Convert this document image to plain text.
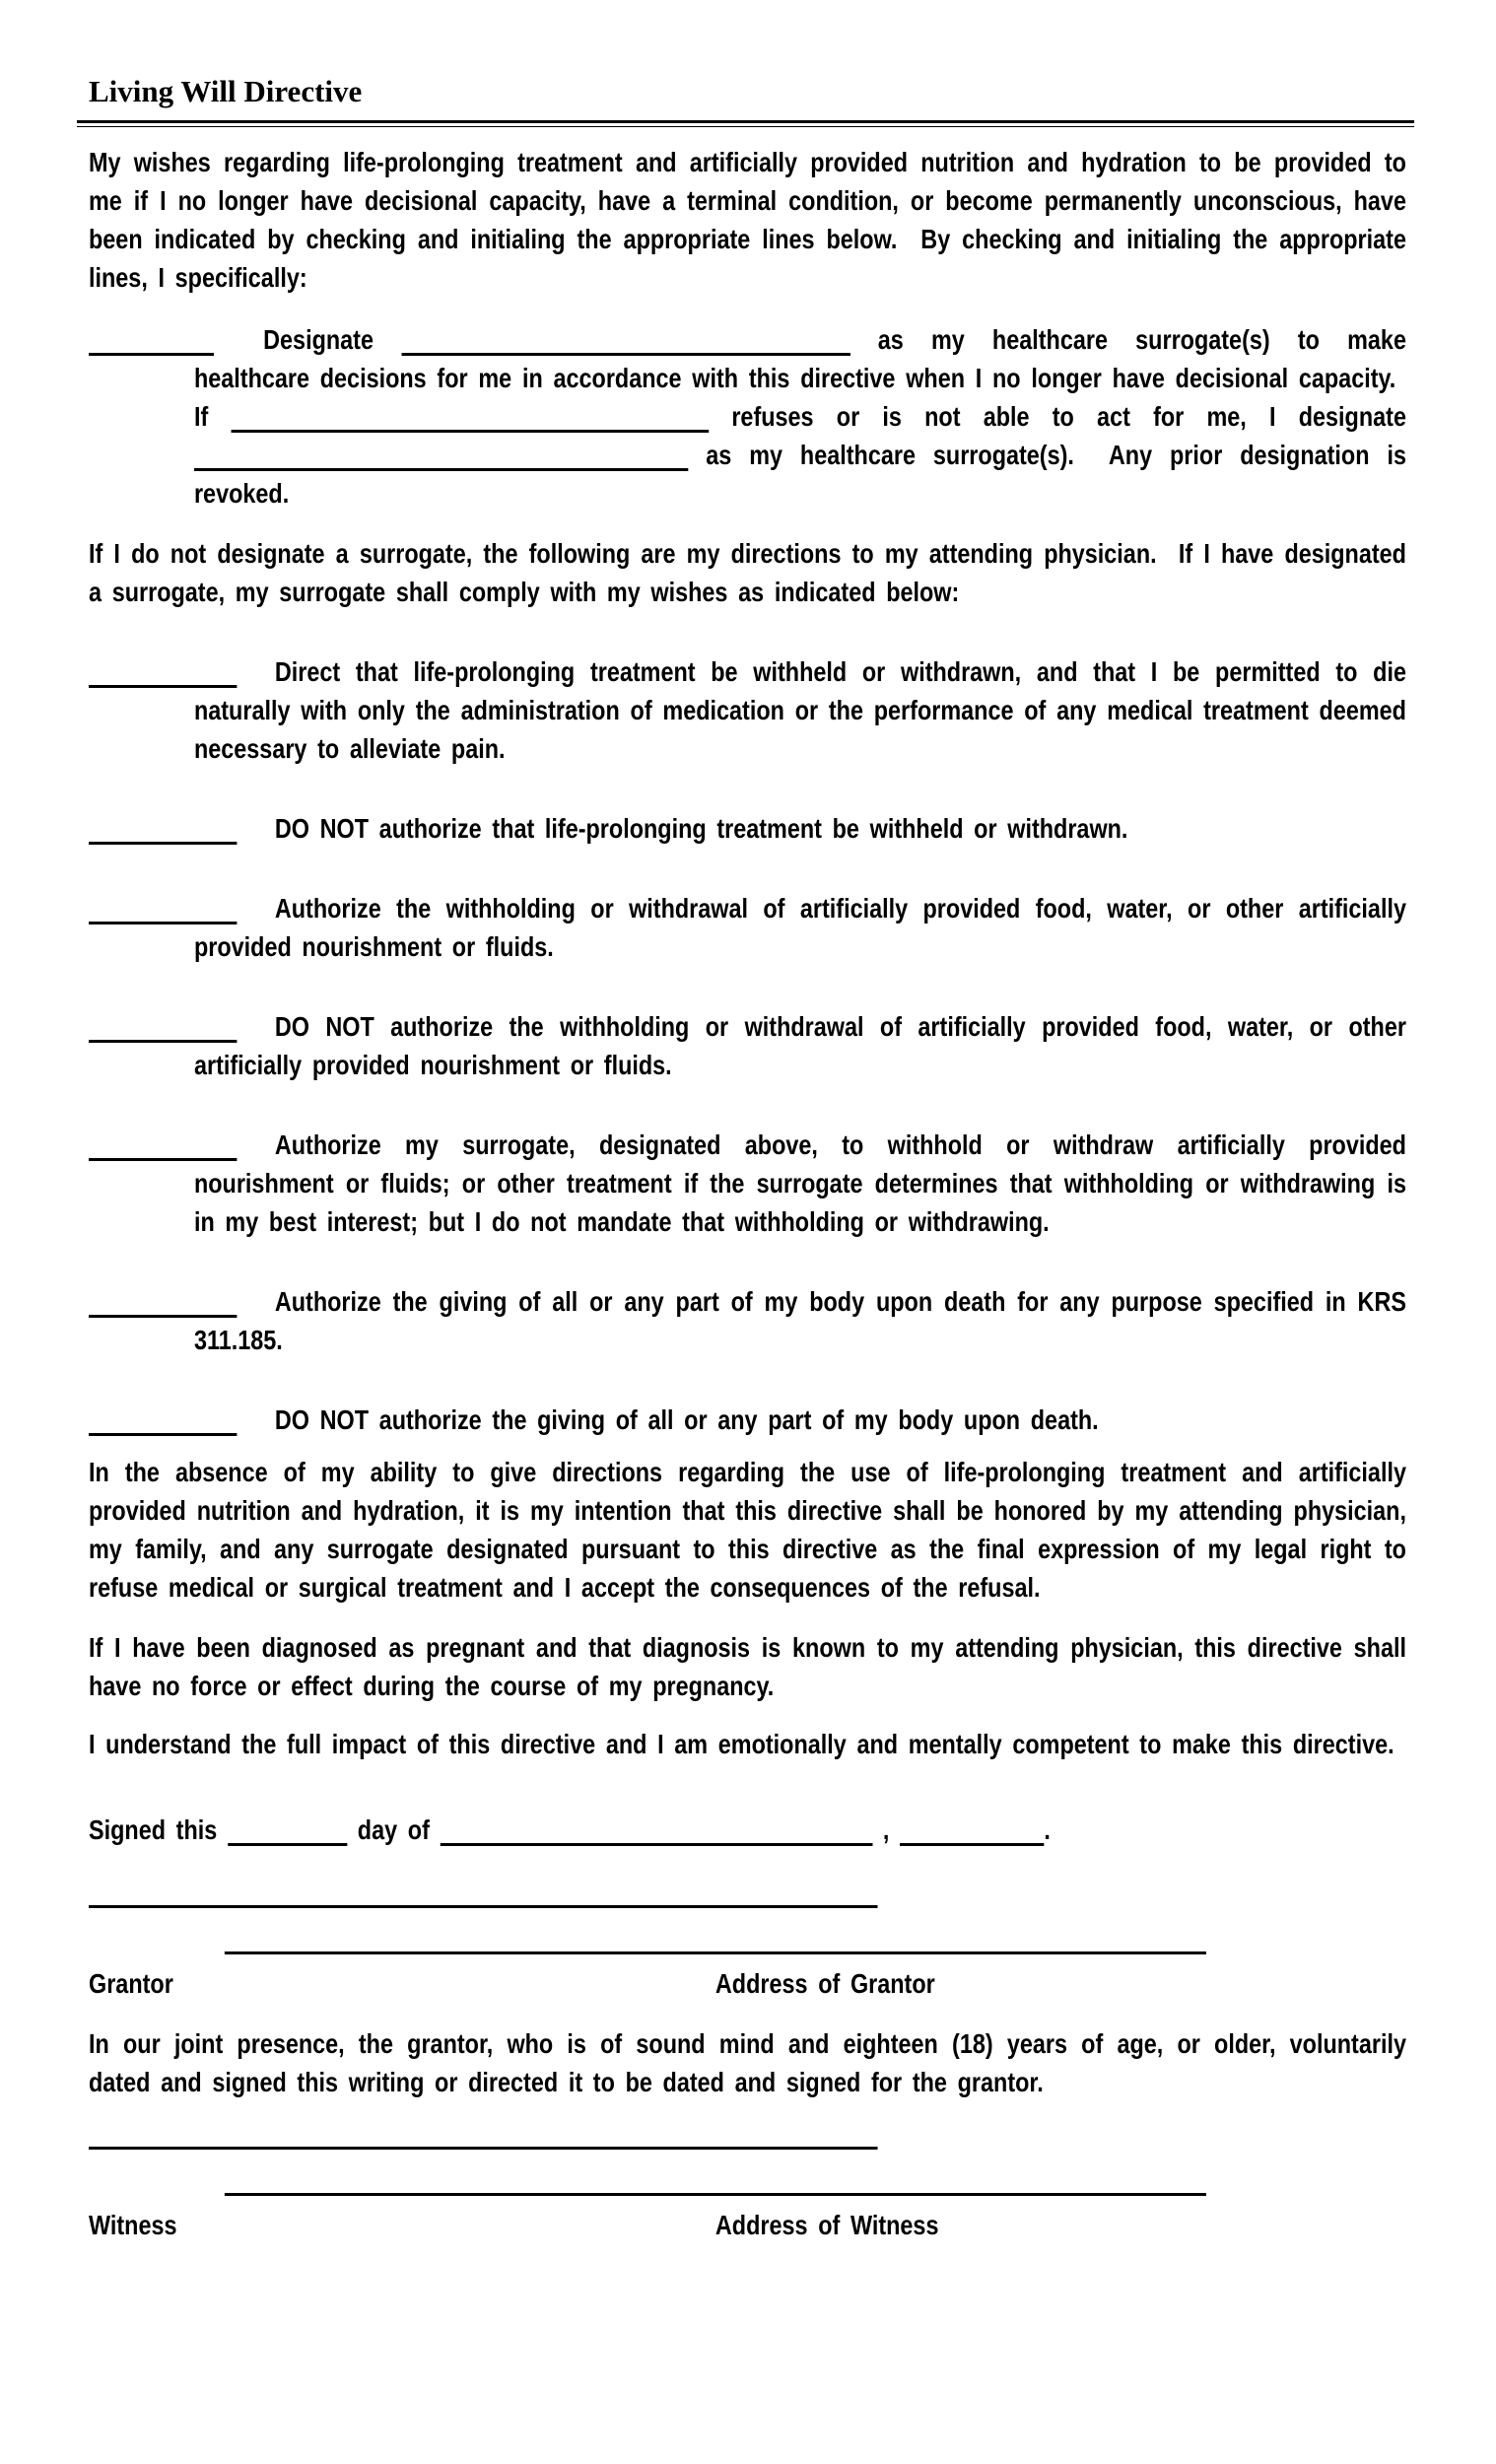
Living Will Directive

My wishes regarding life-prolonging treatment and artificially provided nutrition and hydration to be provided to me if I no longer have decisional capacity, have a terminal condition, or become permanently unconscious, have been indicated by checking and initialing the appropriate lines below.  By checking and initialing the appropriate lines, I specifically:

Designate	as my healthcare surrogate(s) to make healthcare decisions for me in accordance with this directive when I no longer have decisional capacity.  If	refuses or is not able to act for me, I designate  as my healthcare surrogate(s).  Any prior designation is revoked.

If I do not designate a surrogate, the following are my directions to my attending physician.  If I have designated a surrogate, my surrogate shall comply with my wishes as indicated below:

Direct that life-prolonging treatment be withheld or withdrawn, and that I be permitted to die naturally with only the administration of medication or the performance of any medical treatment deemed necessary to alleviate pain.
DO NOT authorize that life-prolonging treatment be withheld or withdrawn.
Authorize the withholding or withdrawal of artificially provided food, water, or other artificially provided nourishment or fluids.
DO NOT authorize the withholding or withdrawal of artificially provided food, water, or other artificially provided nourishment or fluids.
Authorize my surrogate, designated above, to withhold or withdraw artificially provided nourishment or fluids; or other treatment if the surrogate determines that withholding or withdrawing is in my best interest; but I do not mandate that withholding or withdrawing.
Authorize the giving of all or any part of my body upon death for any purpose specified in KRS 311.185.
DO NOT authorize the giving of all or any part of my body upon death.

In the absence of my ability to give directions regarding the use of life-prolonging treatment and artificially provided nutrition and hydration, it is my intention that this directive shall be honored by my attending physician, my family, and any surrogate designated pursuant to this directive as the final expression of my legal right to refuse medical or surgical treatment and I accept the consequences of the refusal.

If I have been diagnosed as pregnant and that diagnosis is known to my attending physician, this directive shall have no force or effect during the course of my pregnancy.

I understand the full impact of this directive and I am emotionally and mentally competent to make this directive.

Signed this	day of	,	.
Grantor	Address of Grantor

In our joint presence, the grantor, who is of sound mind and eighteen (18) years of age, or older, voluntarily dated and signed this writing or directed it to be dated and signed for the grantor.

Witness	Address of Witness
